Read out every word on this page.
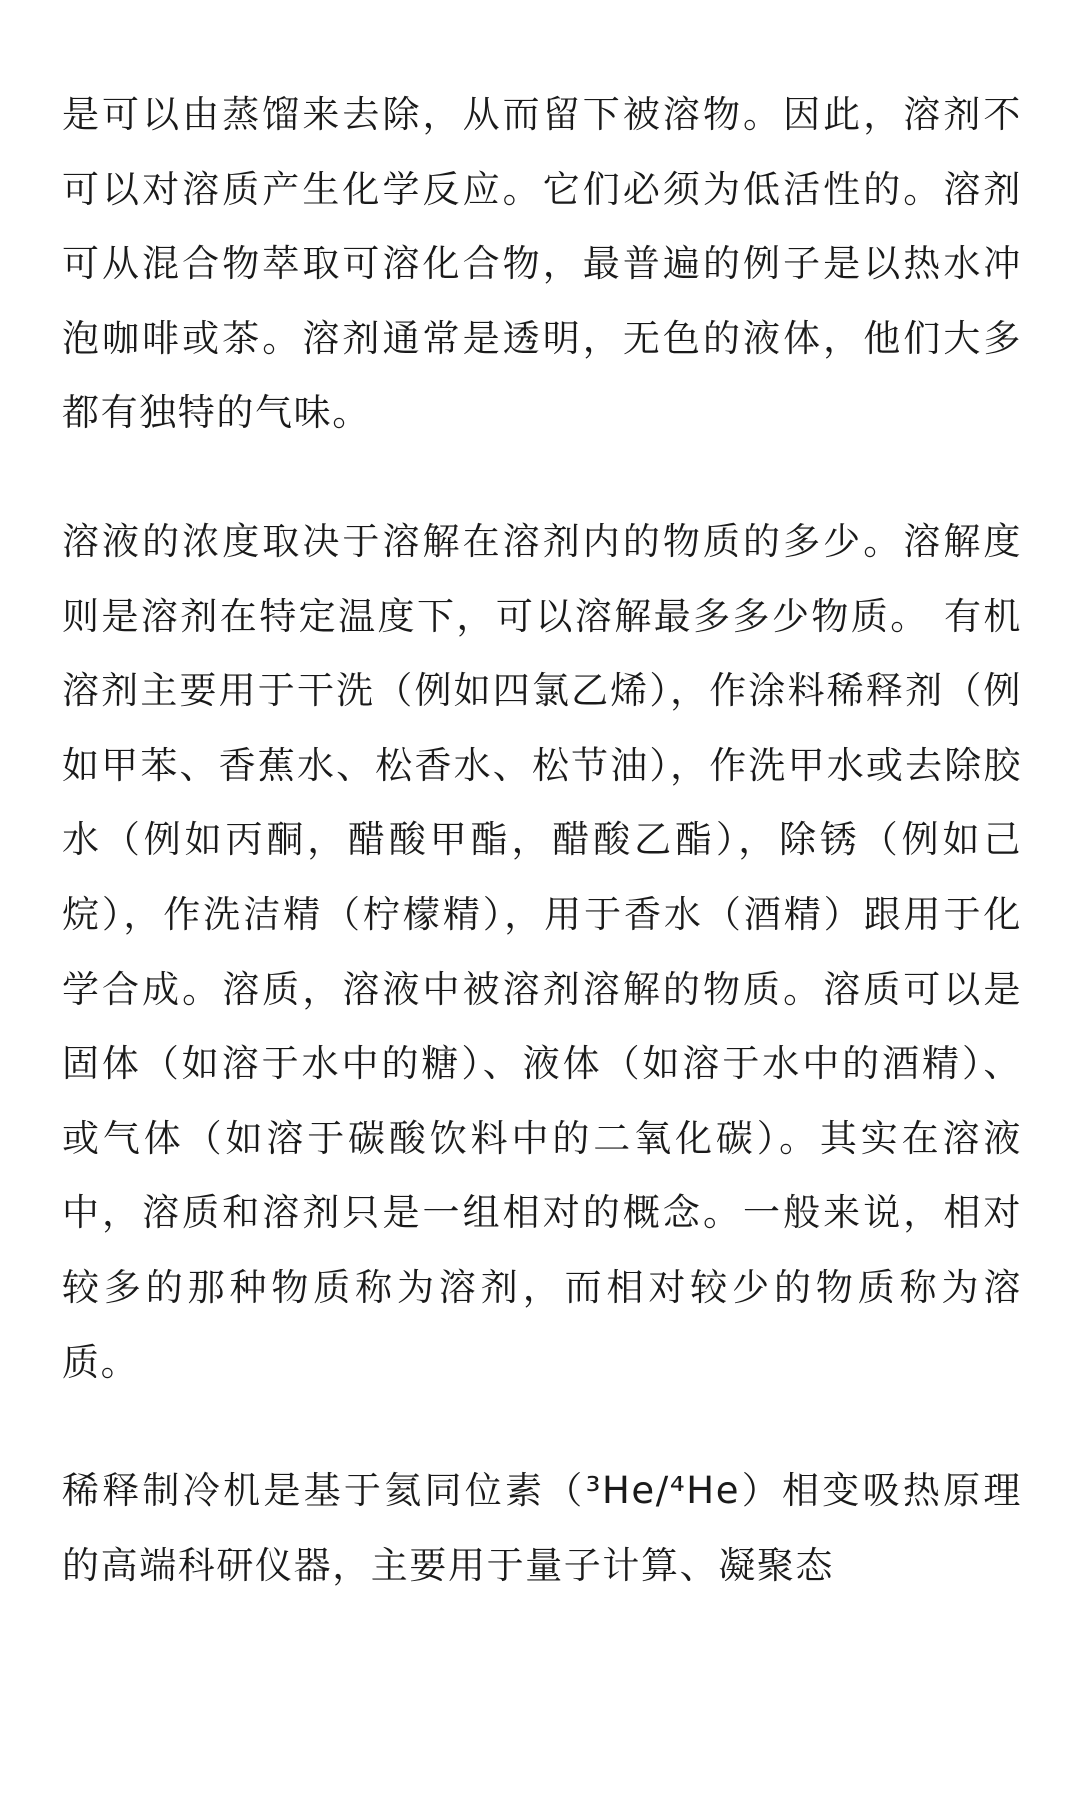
是可以由蒸馏来去除，从而留下被溶物。因此，溶剂不可以对溶质产生化学反应。它们必须为低活性的。溶剂可从混合物萃取可溶化合物，最普遍的例子是以热水冲泡咖啡或茶。溶剂通常是透明，无色的液体，他们大多都有独特的气味。

溶液的浓度取决于溶解在溶剂内的物质的多少。溶解度则是溶剂在特定温度下，可以溶解最多多少物质。 有机溶剂主要用于干洗（例如四氯乙烯），作涂料稀释剂（例如甲苯、香蕉水、松香水、松节油），作洗甲水或去除胶水（例如丙酮，醋酸甲酯，醋酸乙酯），除锈（例如己烷），作洗洁精（柠檬精），用于香水（酒精）跟用于化学合成。溶质，溶液中被溶剂溶解的物质。溶质可以是固体（如溶于水中的糖）、液体（如溶于水中的酒精）、或气体（如溶于碳酸饮料中的二氧化碳）。其实在溶液中，溶质和溶剂只是一组相对的概念。一般来说，相对较多的那种物质称为溶剂，而相对较少的物质称为溶质。

稀释制冷机是基于氦同位素（³He/⁴He）相变吸热原理的高端科研仪器，主要用于量子计算、凝聚态
